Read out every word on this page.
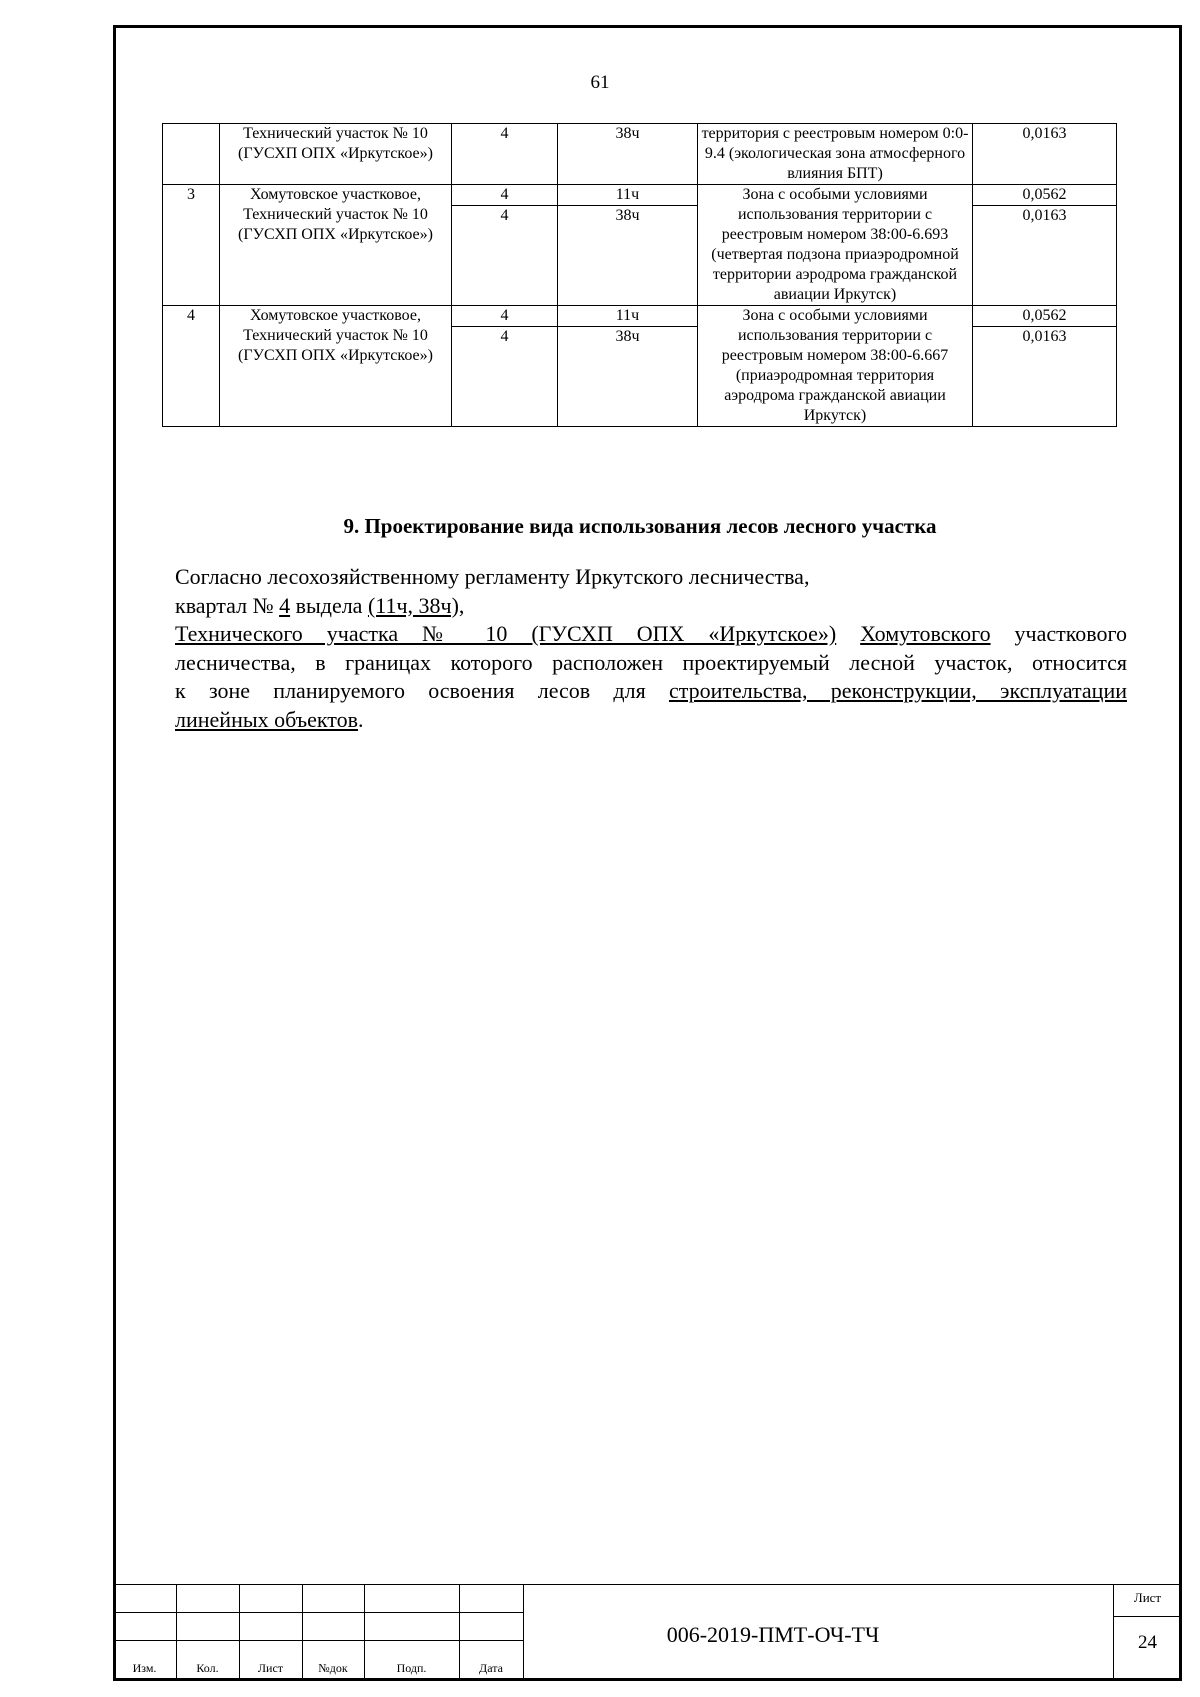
61
	Технический участок № 10 (ГУСХП ОПХ «Иркутское»)	4	38ч	территория с реестровым номером 0:0-9.4 (экологическая зона атмосферного влияния БПТ)	0,0163
3	Хомутовское участковое, Технический участок № 10 (ГУСХП ОПХ «Иркутское»)	4	11ч	Зона с особыми условиями использования территории с реестровым номером 38:00-6.693 (четвертая подзона приаэродромной территории аэродрома гражданской авиации Иркутск)	0,0562
		4	38ч		0,0163
4	Хомутовское участковое, Технический участок № 10 (ГУСХП ОПХ «Иркутское»)	4	11ч	Зона с особыми условиями использования территории с реестровым номером 38:00-6.667 (приаэродромная территория аэродрома гражданской авиации Иркутск)	0,0562
		4	38ч		0,0163
9. Проектирование вида использования лесов лесного участка
Согласно лесохозяйственному регламенту Иркутского лесничества,
квартал № 4 выдела (11ч, 38ч),
Технического участка № 10 (ГУСХП ОПХ «Иркутское») Хомутовского участкового
лесничества, в границах которого расположен проектируемый лесной участок, относится
к зоне планируемого освоения лесов для строительства, реконструкции, эксплуатации
линейных объектов.
Изм.	Кол.	Лист	№док	Подп.	Дата
006-2019-ПМТ-ОЧ-ТЧ
Лист
24
